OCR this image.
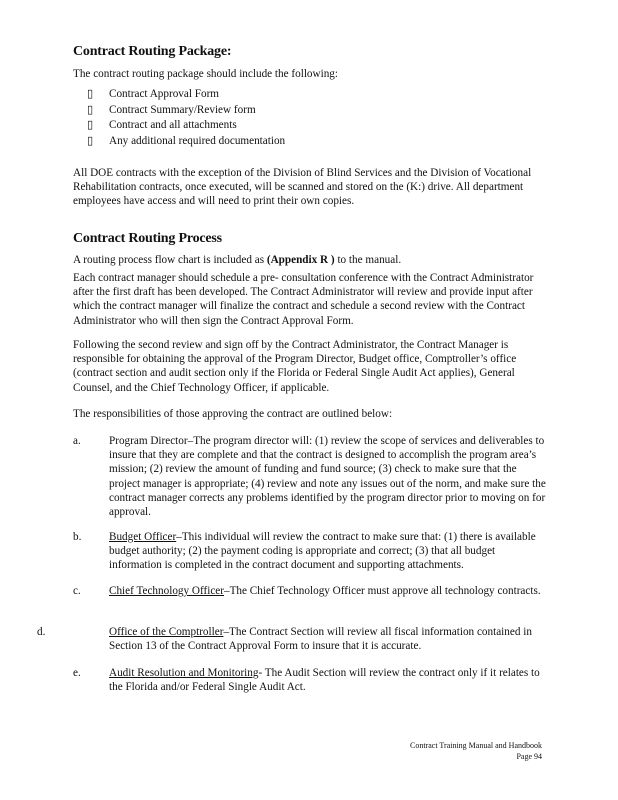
Contract Routing Package:
The contract routing package should include the following:
▯ Contract Approval Form
▯ Contract Summary/Review form
▯ Contract and all attachments
▯ Any additional required documentation
All DOE contracts with the exception of the Division of Blind Services and the Division of Vocational Rehabilitation contracts, once executed, will be scanned and stored on the (K:) drive. All department employees have access and will need to print their own copies.
Contract Routing Process
A routing process flow chart is included as (Appendix R ) to the manual.
Each contract manager should schedule a pre- consultation conference with the Contract Administrator after the first draft has been developed. The Contract Administrator will review and provide input after which the contract manager will finalize the contract and schedule a second review with the Contract Administrator who will then sign the Contract Approval Form.
Following the second review and sign off by the Contract Administrator, the Contract Manager is responsible for obtaining the approval of the Program Director, Budget office, Comptroller’s office (contract section and audit section only if the Florida or Federal Single Audit Act applies), General Counsel, and the Chief Technology Officer, if applicable.
The responsibilities of those approving the contract are outlined below:
a.	Program Director–The program director will: (1) review the scope of services and deliverables to insure that they are complete and that the contract is designed to accomplish the program area’s mission; (2) review the amount of funding and fund source; (3) check to make sure that the project manager is appropriate; (4) review and note any issues out of the norm, and make sure the contract manager corrects any problems identified by the program director prior to moving on for approval.
b. Budget Officer–This individual will review the contract to make sure that: (1) there is available budget authority; (2) the payment coding is appropriate and correct; (3) that all budget information is completed in the contract document and supporting attachments.
c.	Chief Technology Officer–The Chief Technology Officer must approve all technology contracts.
d.	Office of the Comptroller–The Contract Section will review all fiscal information contained in Section 13 of the Contract Approval Form to insure that it is accurate.
e.	Audit Resolution and Monitoring- The Audit Section will review the contract only if it relates to the Florida and/or Federal Single Audit Act.
Contract Training Manual and Handbook
Page 94
